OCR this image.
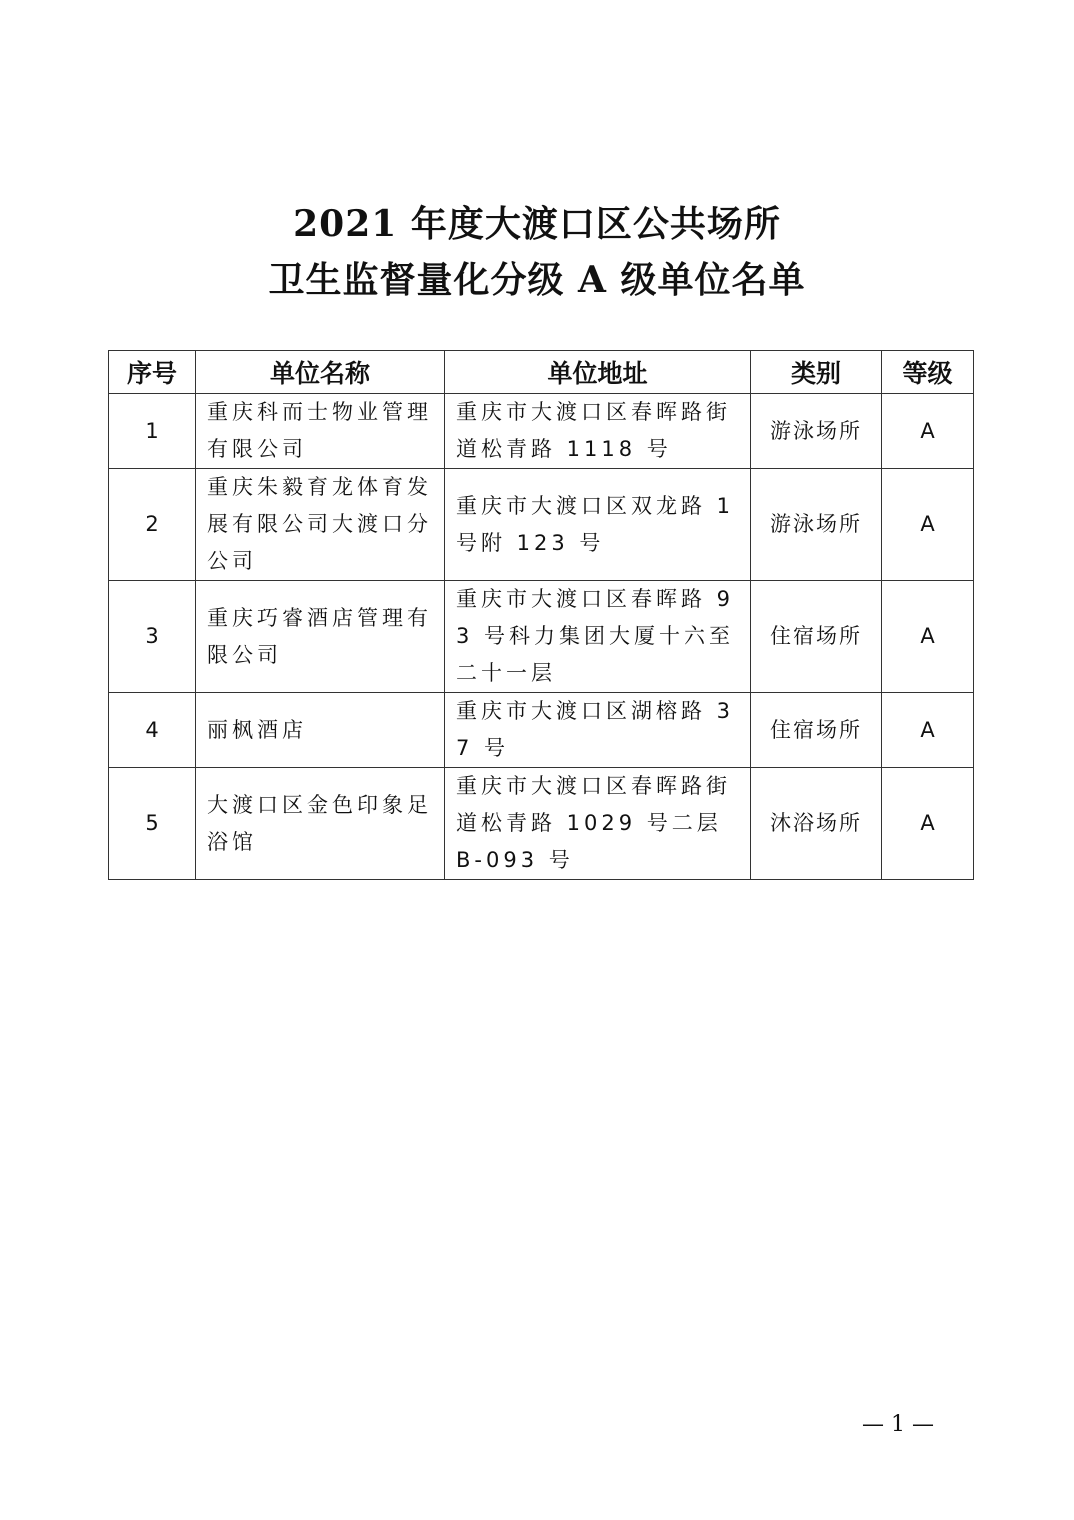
2021 年度大渡口区公共场所
卫生监督量化分级 A 级单位名单
序号	单位名称	单位地址	类别	等级
1	重庆科而士物业管理有限公司	重庆市大渡口区春晖路街道松青路 1118 号	游泳场所	A
2	重庆朱毅育龙体育发展有限公司大渡口分公司	重庆市大渡口区双龙路 1 号附 123 号	游泳场所	A
3	重庆巧睿酒店管理有限公司	重庆市大渡口区春晖路 93 号科力集团大厦十六至二十一层	住宿场所	A
4	丽枫酒店	重庆市大渡口区湖榕路 37 号	住宿场所	A
5	大渡口区金色印象足浴馆	重庆市大渡口区春晖路街道松青路 1029 号二层 B-093 号	沐浴场所	A
— 1 —
